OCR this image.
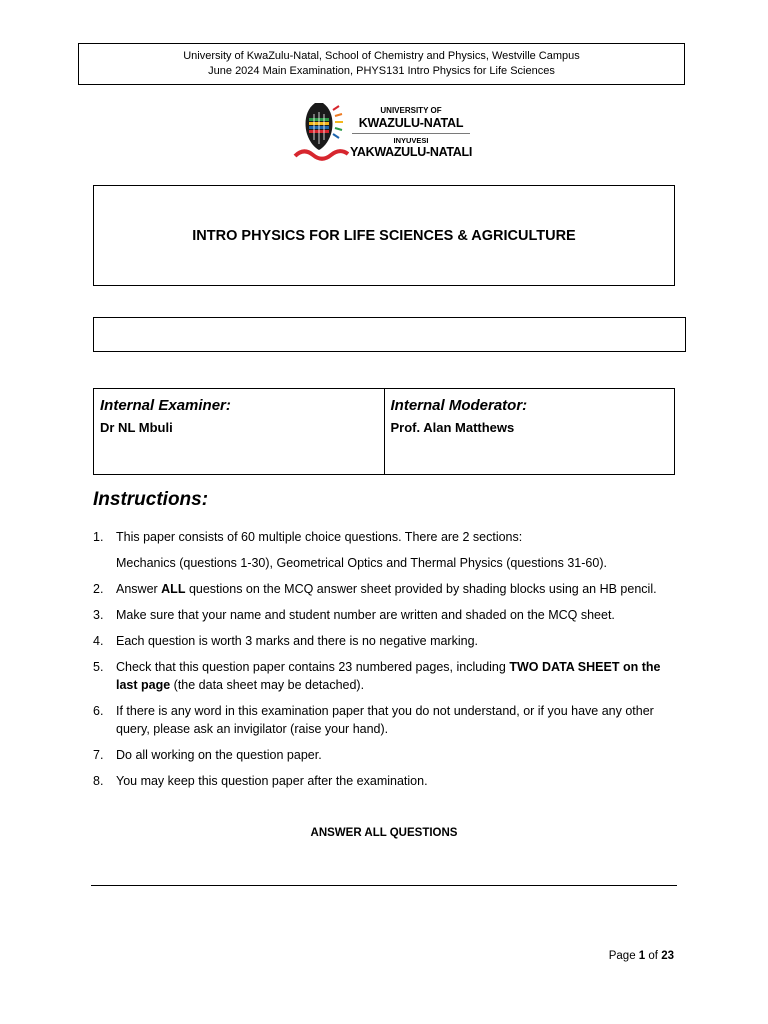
University of KwaZulu-Natal, School of Chemistry and Physics, Westville Campus
June 2024 Main Examination, PHYS131 Intro Physics for Life Sciences
UNIVERSITY OF
KWAZULU-NATAL
INYUVESI
YAKWAZULU-NATALI
INTRO PHYSICS FOR LIFE SCIENCES & AGRICULTURE
Internal Examiner:
Dr NL Mbuli
Internal Moderator:
Prof. Alan Matthews
Instructions:
1.	This paper consists of 60 multiple choice questions. There are 2 sections:
Mechanics (questions 1-30), Geometrical Optics and Thermal Physics (questions 31-60).
2.	Answer ALL questions on the MCQ answer sheet provided by shading blocks using an HB pencil.
3.	Make sure that your name and student number are written and shaded on the MCQ sheet.
4.	Each question is worth 3 marks and there is no negative marking.
5.	Check that this question paper contains 23 numbered pages, including TWO DATA SHEET on the last page (the data sheet may be detached).
6.	If there is any word in this examination paper that you do not understand, or if you have any other query, please ask an invigilator (raise your hand).
7.	Do all working on the question paper.
8.	You may keep this question paper after the examination.
ANSWER ALL QUESTIONS
Page 1 of 23
